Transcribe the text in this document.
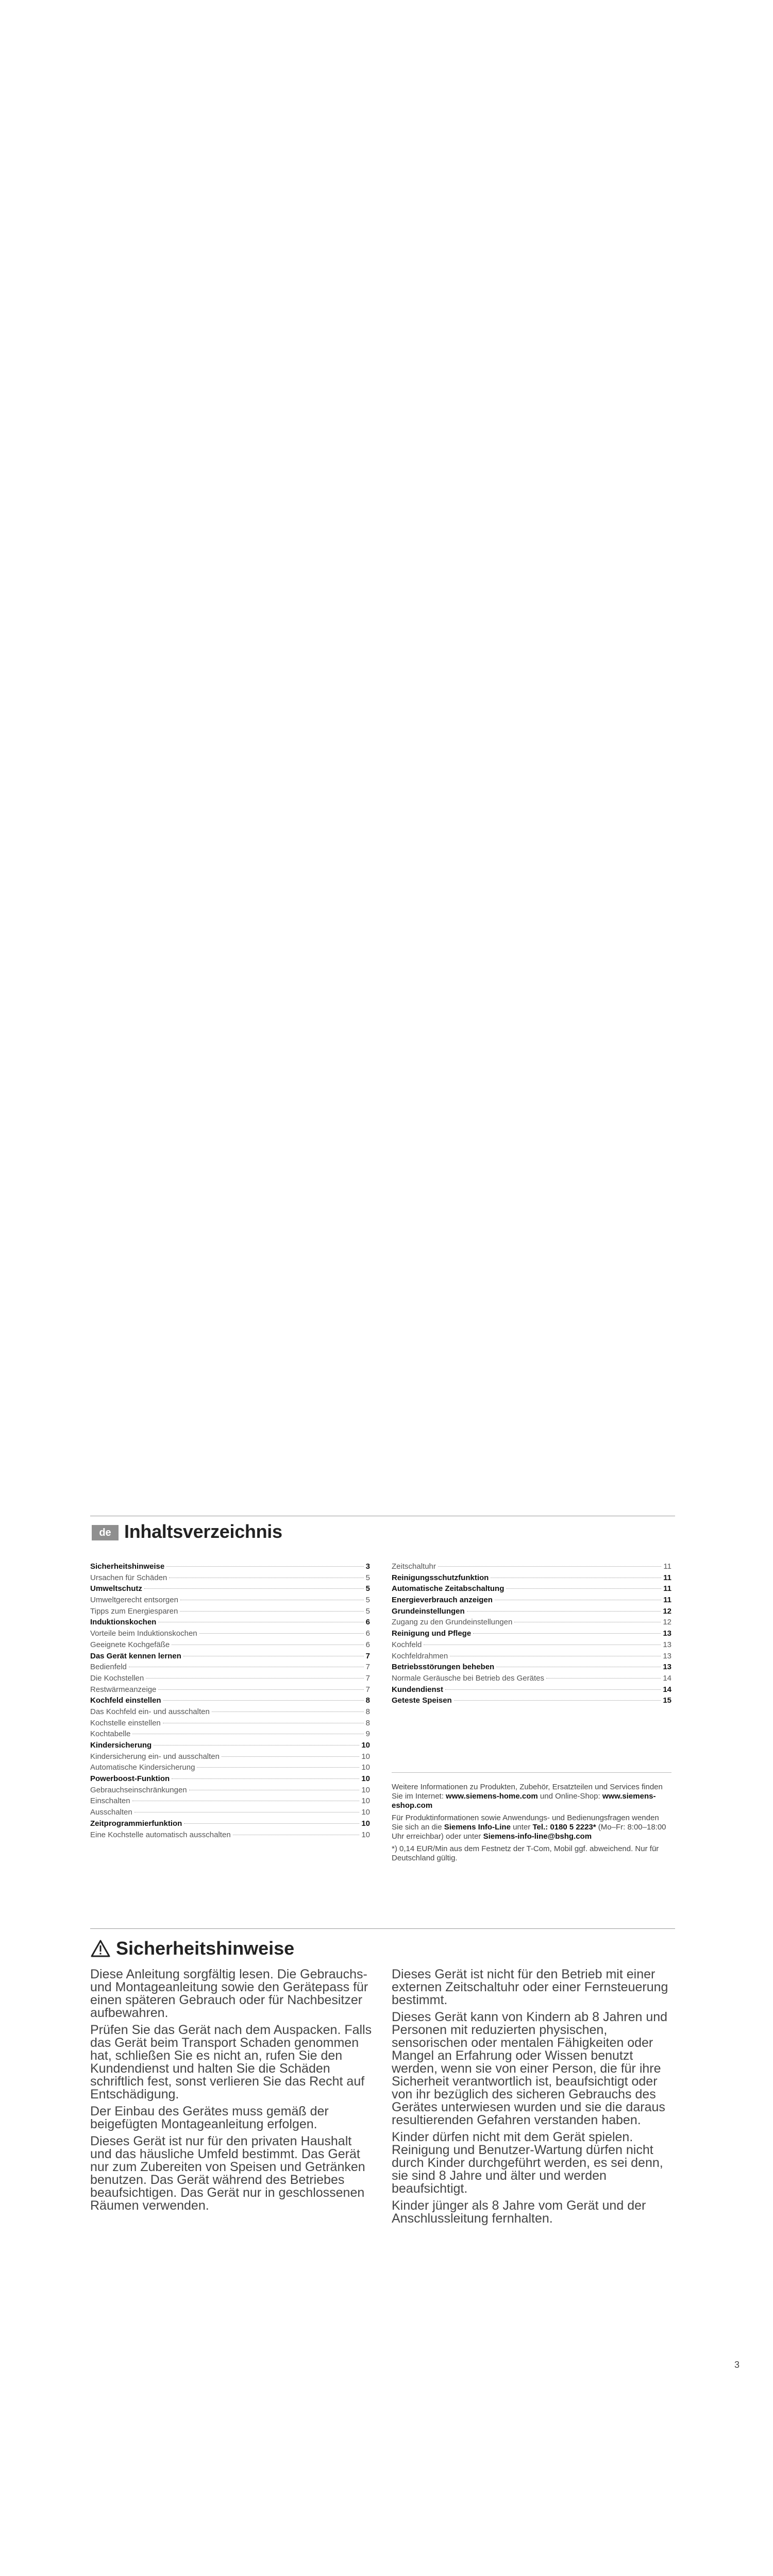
de Inhaltsverzeichnis
Sicherheitshinweise	3
Ursachen für Schäden	5
Umweltschutz	5
Umweltgerecht entsorgen	5
Tipps zum Energiesparen	5
Induktionskochen	6
Vorteile beim Induktionskochen	6
Geeignete Kochgefäße	6
Das Gerät kennen lernen	7
Bedienfeld	7
Die Kochstellen	7
Restwärmeanzeige	7
Kochfeld einstellen	8
Das Kochfeld ein- und ausschalten	8
Kochstelle einstellen	8
Kochtabelle	9
Kindersicherung	10
Kindersicherung ein- und ausschalten	10
Automatische Kindersicherung	10
Powerboost-Funktion	10
Gebrauchseinschränkungen	10
Einschalten	10
Ausschalten	10
Zeitprogrammierfunktion	10
Eine Kochstelle automatisch ausschalten	10
Zeitschaltuhr	11
Reinigungsschutzfunktion	11
Automatische Zeitabschaltung	11
Energieverbrauch anzeigen	11
Grundeinstellungen	12
Zugang zu den Grundeinstellungen	12
Reinigung und Pflege	13
Kochfeld	13
Kochfeldrahmen	13
Betriebsstörungen beheben	13
Normale Geräusche bei Betrieb des Gerätes	14
Kundendienst	14
Geteste Speisen	15

Weitere Informationen zu Produkten, Zubehör, Ersatzteilen und Services finden Sie im Internet: www.siemens-home.com und Online-Shop: www.siemens-eshop.com

Für Produktinformationen sowie Anwendungs- und Bedienungsfragen wenden Sie sich an die Siemens Info-Line unter Tel.: 0180 5 2223* (Mo–Fr: 8:00–18:00 Uhr erreichbar) oder unter Siemens-info-line@bshg.com

*) 0,14 EUR/Min aus dem Festnetz der T-Com, Mobil ggf. abweichend. Nur für Deutschland gültig.

Sicherheitshinweise

Diese Anleitung sorgfältig lesen. Die Gebrauchs- und Montageanleitung sowie den Gerätepass für einen späteren Gebrauch oder für Nachbesitzer aufbewahren.

Prüfen Sie das Gerät nach dem Auspacken. Falls das Gerät beim Transport Schaden genommen hat, schließen Sie es nicht an, rufen Sie den Kundendienst und halten Sie die Schäden schriftlich fest, sonst verlieren Sie das Recht auf Entschädigung.

Der Einbau des Gerätes muss gemäß der beigefügten Montageanleitung erfolgen.

Dieses Gerät ist nur für den privaten Haushalt und das häusliche Umfeld bestimmt. Das Gerät nur zum Zubereiten von Speisen und Getränken benutzen. Das Gerät während des Betriebes beaufsichtigen. Das Gerät nur in geschlossenen Räumen verwenden.

Dieses Gerät ist nicht für den Betrieb mit einer externen Zeitschaltuhr oder einer Fernsteuerung bestimmt.

Dieses Gerät kann von Kindern ab 8 Jahren und Personen mit reduzierten physischen, sensorischen oder mentalen Fähigkeiten oder Mangel an Erfahrung oder Wissen benutzt werden, wenn sie von einer Person, die für ihre Sicherheit verantwortlich ist, beaufsichtigt oder von ihr bezüglich des sicheren Gebrauchs des Gerätes unterwiesen wurden und sie die daraus resultierenden Gefahren verstanden haben.

Kinder dürfen nicht mit dem Gerät spielen. Reinigung und Benutzer-Wartung dürfen nicht durch Kinder durchgeführt werden, es sei denn, sie sind 8 Jahre und älter und werden beaufsichtigt.

Kinder jünger als 8 Jahre vom Gerät und der Anschlussleitung fernhalten.

3
